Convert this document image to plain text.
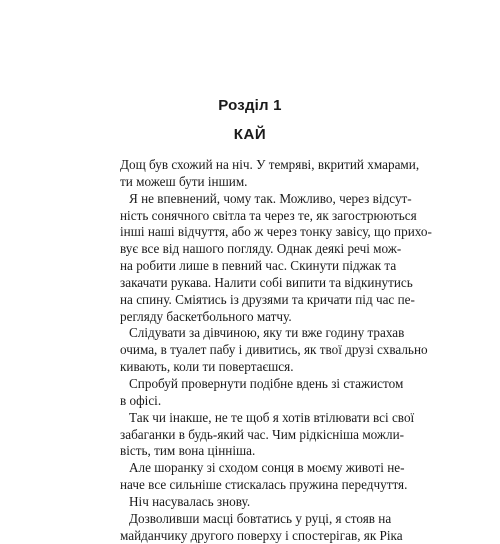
Розділ 1
КАЙ
Дощ був схожий на ніч. У темряві, вкритий хмарами,
ти можеш бути іншим.
Я не впевнений, чому так. Можливо, через відсут-
ність сонячного світла та через те, як загострюються
інші наші відчуття, або ж через тонку завісу, що прихо-
вує все від нашого погляду. Однак деякі речі мож-
на робити лише в певний час. Скинути піджак та
закачати рукава. Налити собі випити та відкинутись
на спину. Сміятись із друзями та кричати під час пе-
регляду баскетбольного матчу.
Слідувати за дівчиною, яку ти вже годину трахав
очима, в туалет пабу і дивитись, як твої друзі схвально
кивають, коли ти повертаєшся.
Спробуй провернути подібне вдень зі стажистом
в офісі.
Так чи інакше, не те щоб я хотів втілювати всі свої
забаганки в будь-який час. Чим рідкісніша можли-
вість, тим вона цінніша.
Але шоранку зі сходом сонця в моєму животі не-
наче все сильніше стискалась пружина передчуття.
Ніч насувалась знову.
Дозволивши масці бовтатись у руці, я стояв на
майданчику другого поверху і спостерігав, як Ріка
